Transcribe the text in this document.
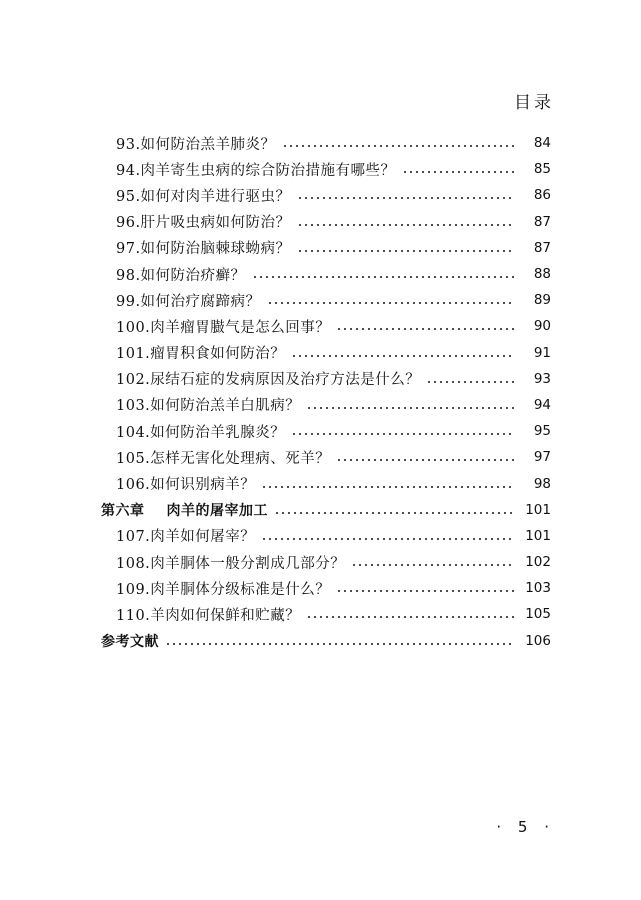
目录
93.如何防治羔羊肺炎？	84
94.肉羊寄生虫病的综合防治措施有哪些？	85
95.如何对肉羊进行驱虫？	86
96.肝片吸虫病如何防治？	87
97.如何防治脑棘球蚴病？	87
98.如何防治疥癣？	88
99.如何治疗腐蹄病？	89
100.肉羊瘤胃臌气是怎么回事？	90
101.瘤胃积食如何防治？	91
102.尿结石症的发病原因及治疗方法是什么？	93
103.如何防治羔羊白肌病？	94
104.如何防治羊乳腺炎？	95
105.怎样无害化处理病、死羊？	97
106.如何识别病羊？	98
第六章 肉羊的屠宰加工	101
107.肉羊如何屠宰？	101
108.肉羊胴体一般分割成几部分？	102
109.肉羊胴体分级标准是什么？	103
110.羊肉如何保鲜和贮藏？	105
参考文献	106
· 5 ·
